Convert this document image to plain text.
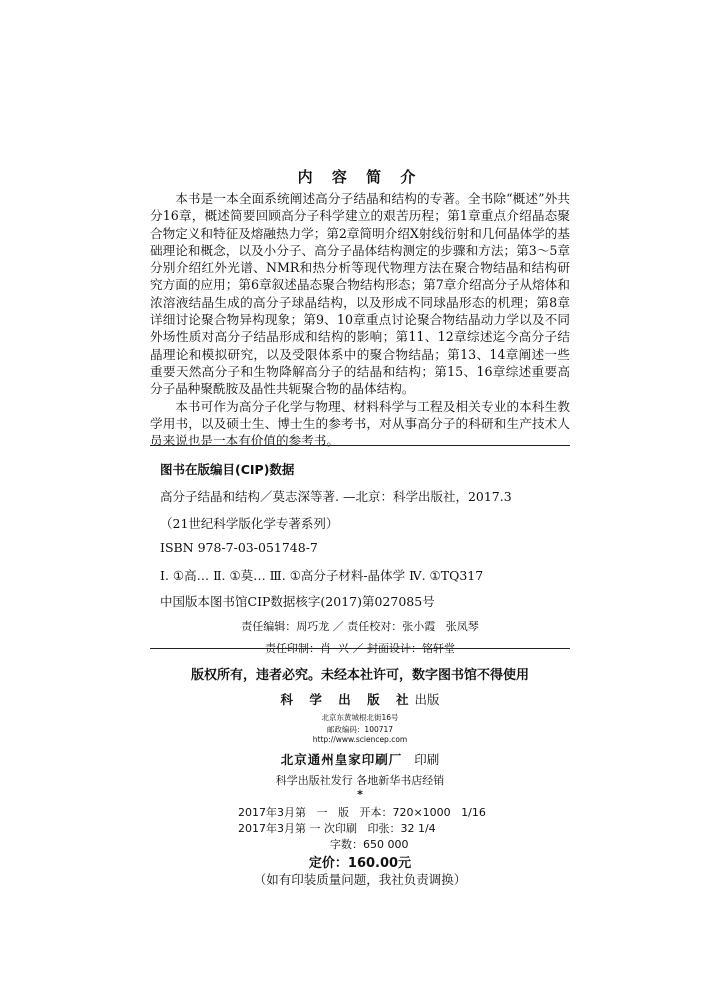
内 容 简 介

本书是一本全面系统阐述高分子结晶和结构的专著。全书除“概述”外共分16章，概述简要回顾高分子科学建立的艰苦历程；第1章重点介绍晶态聚合物定义和特征及熔融热力学；第2章简明介绍X射线衍射和几何晶体学的基础理论和概念，以及小分子、高分子晶体结构测定的步骤和方法；第3～5章分别介绍红外光谱、NMR和热分析等现代物理方法在聚合物结晶和结构研究方面的应用；第6章叙述晶态聚合物结构形态；第7章介绍高分子从熔体和浓溶液结晶生成的高分子球晶结构，以及形成不同球晶形态的机理；第8章详细讨论聚合物异构现象；第9、10章重点讨论聚合物结晶动力学以及不同外场性质对高分子结晶形成和结构的影响；第11、12章综述迄今高分子结晶理论和模拟研究，以及受限体系中的聚合物结晶；第13、14章阐述一些重要天然高分子和生物降解高分子的结晶和结构；第15、16章综述重要高分子晶种聚酰胺及晶性共轭聚合物的晶体结构。

本书可作为高分子化学与物理、材料科学与工程及相关专业的本科生教学用书，以及硕士生、博士生的参考书，对从事高分子的科研和生产技术人员来说也是一本有价值的参考书。

图书在版编目(CIP)数据
高分子结晶和结构／莫志深等著. —北京：科学出版社，2017.3
（21世纪科学版化学专著系列）
ISBN 978-7-03-051748-7
Ⅰ. ①高… Ⅱ. ①莫… Ⅲ. ①高分子材料-晶体学 Ⅳ. ①TQ317
中国版本图书馆CIP数据核字(2017)第027085号
责任编辑：周巧龙 ／ 责任校对：张小霞   张凤琴
责任印制：肖  兴 ／ 封面设计：铭轩堂
版权所有，违者必究。未经本社许可，数字图书馆不得使用
科 学 出 版 社出版
北京东黄城根北街16号
邮政编码：100717
http://www.sciencep.com
北京通州皇家印刷厂 印刷
科学出版社发行 各地新华书店经销
*
2017年3月第   一   版   开本：720×1000   1/16
2017年3月第 一 次印刷   印张：32 1/4
字数：650 000
定价：160.00元
（如有印装质量问题，我社负责调换）
